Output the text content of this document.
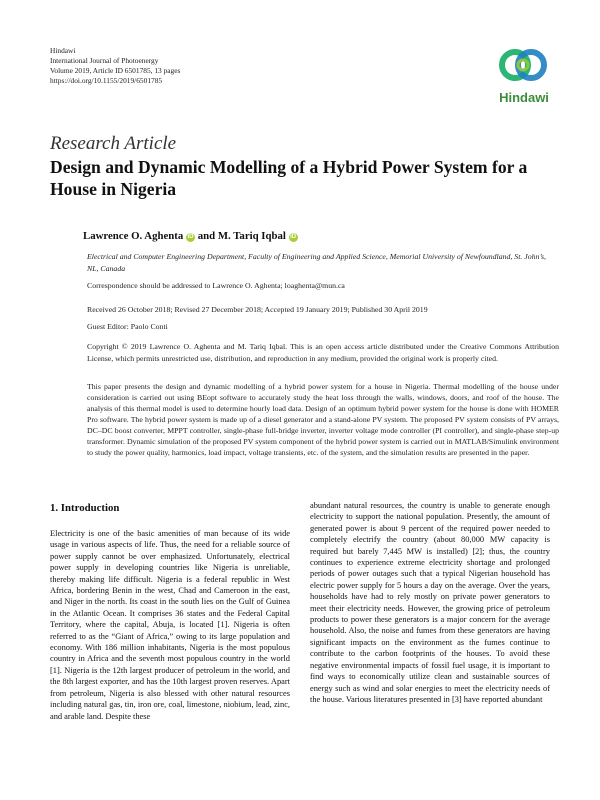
Hindawi
International Journal of Photoenergy
Volume 2019, Article ID 6501785, 13 pages
https://doi.org/10.1155/2019/6501785
Hindawi
Research Article
Design and Dynamic Modelling of a Hybrid Power System for a House in Nigeria
Lawrence O. Aghenta iD and M. Tariq Iqbal iD
Electrical and Computer Engineering Department, Faculty of Engineering and Applied Science, Memorial University of Newfoundland, St. John’s, NL, Canada
Correspondence should be addressed to Lawrence O. Aghenta; loaghenta@mun.ca
Received 26 October 2018; Revised 27 December 2018; Accepted 19 January 2019; Published 30 April 2019
Guest Editor: Paolo Conti
Copyright © 2019 Lawrence O. Aghenta and M. Tariq Iqbal. This is an open access article distributed under the Creative Commons Attribution License, which permits unrestricted use, distribution, and reproduction in any medium, provided the original work is properly cited.
This paper presents the design and dynamic modelling of a hybrid power system for a house in Nigeria. Thermal modelling of the house under consideration is carried out using BEopt software to accurately study the heat loss through the walls, windows, doors, and roof of the house. The analysis of this thermal model is used to determine hourly load data. Design of an optimum hybrid power system for the house is done with HOMER Pro software. The hybrid power system is made up of a diesel generator and a stand-alone PV system. The proposed PV system consists of PV arrays, DC–DC boost converter, MPPT controller, single-phase full-bridge inverter, inverter voltage mode controller (PI controller), and single-phase step-up transformer. Dynamic simulation of the proposed PV system component of the hybrid power system is carried out in MATLAB/Simulink environment to study the power quality, harmonics, load impact, voltage transients, etc. of the system, and the simulation results are presented in the paper.
1. Introduction
Electricity is one of the basic amenities of man because of its wide usage in various aspects of life. Thus, the need for a reliable source of power supply cannot be over emphasized. Unfortunately, electrical power supply in developing countries like Nigeria is unreliable, thereby making life difficult. Nigeria is a federal republic in West Africa, bordering Benin in the west, Chad and Cameroon in the east, and Niger in the north. Its coast in the south lies on the Gulf of Guinea in the Atlantic Ocean. It comprises 36 states and the Federal Capital Territory, where the capital, Abuja, is located [1]. Nigeria is often referred to as the “Giant of Africa,” owing to its large population and economy. With 186 million inhabitants, Nigeria is the most populous country in Africa and the seventh most populous country in the world [1]. Nigeria is the 12th largest producer of petroleum in the world, and the 8th largest exporter, and has the 10th largest proven reserves. Apart from petroleum, Nigeria is also blessed with other natural resources including natural gas, tin, iron ore, coal, limestone, niobium, lead, zinc, and arable land. Despite these
abundant natural resources, the country is unable to generate enough electricity to support the national population. Presently, the amount of generated power is about 9 percent of the required power needed to completely electrify the country (about 80,000 MW capacity is required but barely 7,445 MW is installed) [2]; thus, the country continues to experience extreme electricity shortage and prolonged periods of power outages such that a typical Nigerian household has electric power supply for 5 hours a day on the average. Over the years, households have had to rely mostly on private power generators to meet their electricity needs. However, the growing price of petroleum products to power these generators is a major concern for the average household. Also, the noise and fumes from these generators are having significant impacts on the environment as the fumes continue to contribute to the carbon footprints of the houses. To avoid these negative environmental impacts of fossil fuel usage, it is important to find ways to economically utilize clean and sustainable sources of energy such as wind and solar energies to meet the electricity needs of the house. Various literatures presented in [3] have reported abundant
